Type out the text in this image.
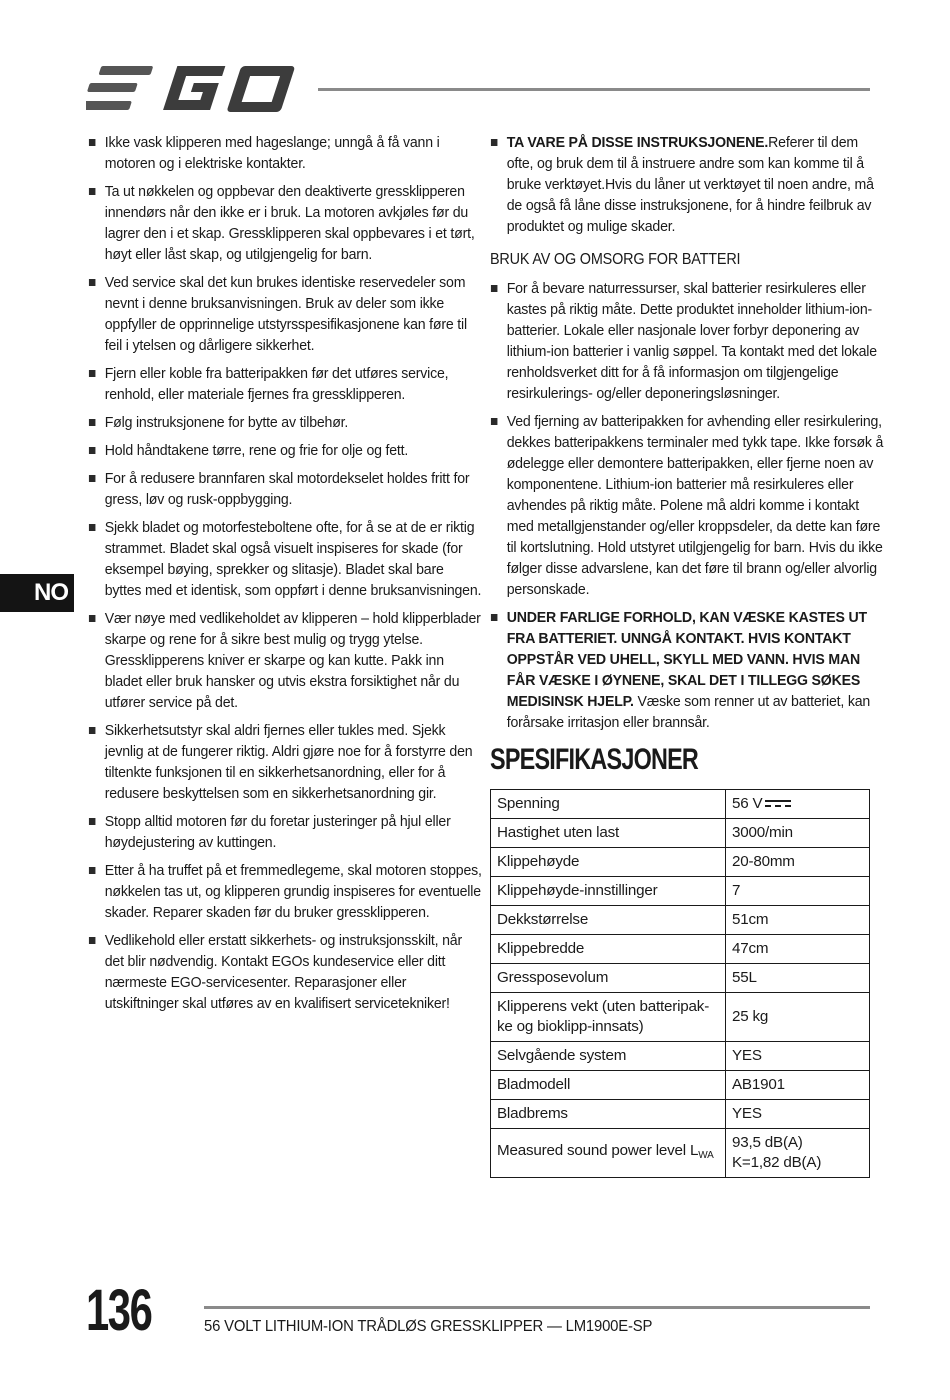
NO
Ikke vask klipperen med hageslange; unngå å få vann i motoren og i elektriske kontakter.
Ta ut nøkkelen og oppbevar den deaktiverte gressklipperen innendørs når den ikke er i bruk. La motoren avkjøles før du lagrer den i et skap. Gressklipperen skal oppbevares i et tørt, høyt eller låst skap, og utilgjengelig for barn.
Ved service skal det kun brukes identiske reservedeler som nevnt i denne bruksanvisningen. Bruk av deler som ikke oppfyller de opprinnelige utstyrsspesifikasjonene kan føre til feil i ytelsen og dårligere sikkerhet.
Fjern eller koble fra batteripakken før det utføres service, renhold, eller materiale fjernes fra gressklipperen.
Følg instruksjonene for bytte av tilbehør.
Hold håndtakene tørre, rene og frie for olje og fett.
For å redusere brannfaren skal motordekselet holdes fritt for gress, løv og rusk-oppbygging.
Sjekk bladet og motorfesteboltene ofte, for å se at de er riktig strammet. Bladet skal også visuelt inspiseres for skade (for eksempel bøying, sprekker og slitasje). Bladet skal bare byttes med et identisk, som oppført i denne bruksanvisningen.
Vær nøye med vedlikeholdet av klipperen – hold klipperblader skarpe og rene for å sikre best mulig og trygg ytelse. Gressklipperens kniver er skarpe og kan kutte. Pakk inn bladet eller bruk hansker og utvis ekstra forsiktighet når du utfører service på det.
Sikkerhetsutstyr skal aldri fjernes eller tukles med. Sjekk jevnlig at de fungerer riktig. Aldri gjøre noe for å forstyrre den tiltenkte funksjonen til en sikkerhetsanordning, eller for å redusere beskyttelsen som en sikkerhetsanordning gir.
Stopp alltid motoren før du foretar justeringer på hjul eller høydejustering av kuttingen.
Etter å ha truffet på et fremmedlegeme, skal motoren stoppes, nøkkelen tas ut, og klipperen grundig inspiseres for eventuelle skader. Reparer skaden før du bruker gressklipperen.
Vedlikehold eller erstatt sikkerhets- og instruksjonsskilt, når det blir nødvendig. Kontakt EGOs kundeservice eller ditt nærmeste EGO-servicesenter. Reparasjoner eller utskiftninger skal utføres av en kvalifisert servicetekniker!
TA VARE PÅ DISSE INSTRUKSJONENE.Referer til dem ofte, og bruk dem til å instruere andre som kan komme til å bruke verktøyet.Hvis du låner ut verktøyet til noen andre, må de også få låne disse instruksjonene, for å hindre feilbruk av produktet og mulige skader.
BRUK AV OG OMSORG FOR BATTERI
For å bevare naturressurser, skal batterier resirkuleres eller kastes på riktig måte. Dette produktet inneholder lithium-ion-batterier. Lokale eller nasjonale lover forbyr deponering av lithium-ion batterier i vanlig søppel. Ta kontakt med det lokale renholdsverket ditt for å få informasjon om tilgjengelige resirkulerings- og/eller deponeringsløsninger.
Ved fjerning av batteripakken for avhending eller resirkulering, dekkes batteripakkens terminaler med tykk tape. Ikke forsøk å ødelegge eller demontere batteripakken, eller fjerne noen av komponentene. Lithium-ion batterier må resirkuleres eller avhendes på riktig måte. Polene må aldri komme i kontakt med metallgjenstander og/eller kroppsdeler, da dette kan føre til kortslutning. Hold utstyret utilgjengelig for barn. Hvis du ikke følger disse advarslene, kan det føre til brann og/eller alvorlig personskade.
UNDER FARLIGE FORHOLD, KAN VÆSKE KASTES UT FRA BATTERIET. UNNGÅ KONTAKT. HVIS KONTAKT OPPSTÅR VED UHELL, SKYLL MED VANN. HVIS MAN FÅR VÆSKE I ØYNENE, SKAL DET I TILLEGG SØKES MEDISINSK HJELP. Væske som renner ut av batteriet, kan forårsake irritasjon eller brannsår.
SPESIFIKASJONER
Spenning	56 V

Hastighet uten last	3000/min
Klippehøyde	20-80mm
Klippehøyde-innstillinger	7
Dekkstørrelse	51cm
Klippebredde	47cm
Gressposevolum	55L
Klipperens vekt (uten batteripak-ke og bioklipp-innsats)	25 kg
Selvgående system	YES
Bladmodell	AB1901
Bladbrems	YES
Measured sound power level LWA	93,5 dB(A)
K=1,82 dB(A)
136	56 VOLT LITHIUM-ION TRÅDLØS GRESSKLIPPER — LM1900E-SP
